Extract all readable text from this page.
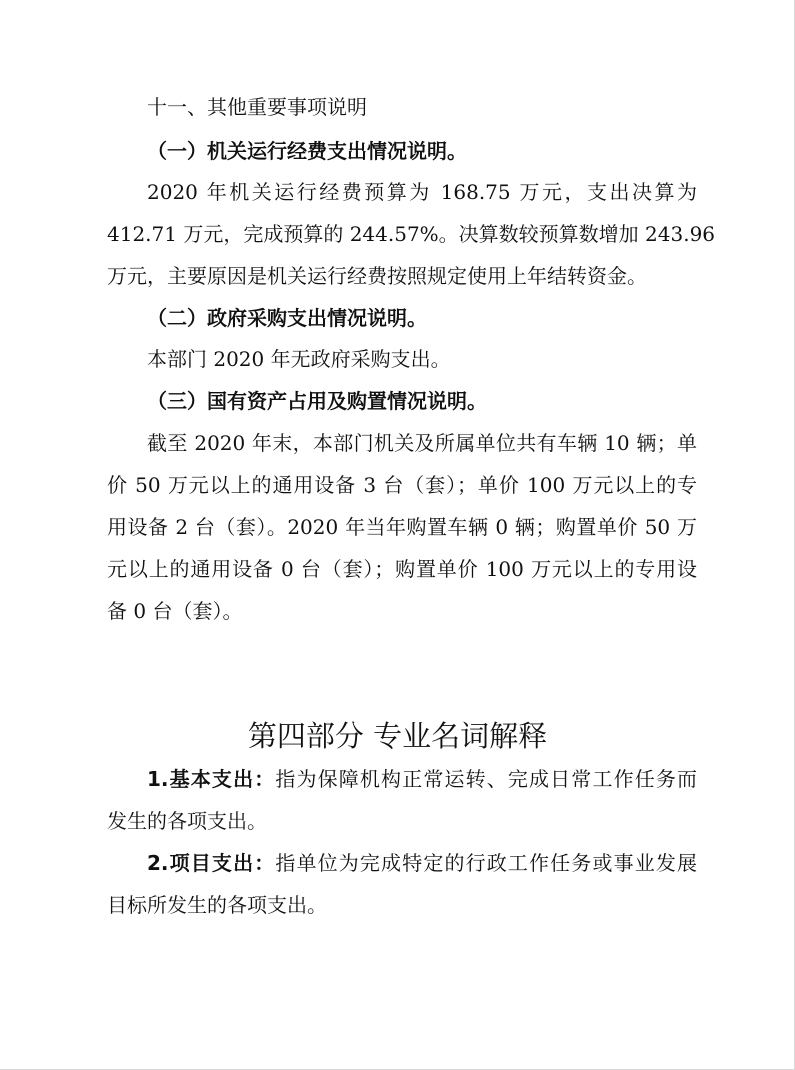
十一、其他重要事项说明
（一）机关运行经费支出情况说明。
2020 年机关运行经费预算为 168.75 万元，支出决算为
412.71 万元，完成预算的 244.57%。决算数较预算数增加 243.96
万元，主要原因是机关运行经费按照规定使用上年结转资金。
（二）政府采购支出情况说明。
本部门 2020 年无政府采购支出。
（三）国有资产占用及购置情况说明。
截至 2020 年末，本部门机关及所属单位共有车辆 10 辆；单
价 50 万元以上的通用设备 3 台（套）；单价 100 万元以上的专
用设备 2 台（套）。2020 年当年购置车辆 0 辆；购置单价 50 万
元以上的通用设备 0 台（套）；购置单价 100 万元以上的专用设
备 0 台（套）。
第四部分 专业名词解释
1.基本支出：指为保障机构正常运转、完成日常工作任务而
发生的各项支出。
2.项目支出：指单位为完成特定的行政工作任务或事业发展
目标所发生的各项支出。
